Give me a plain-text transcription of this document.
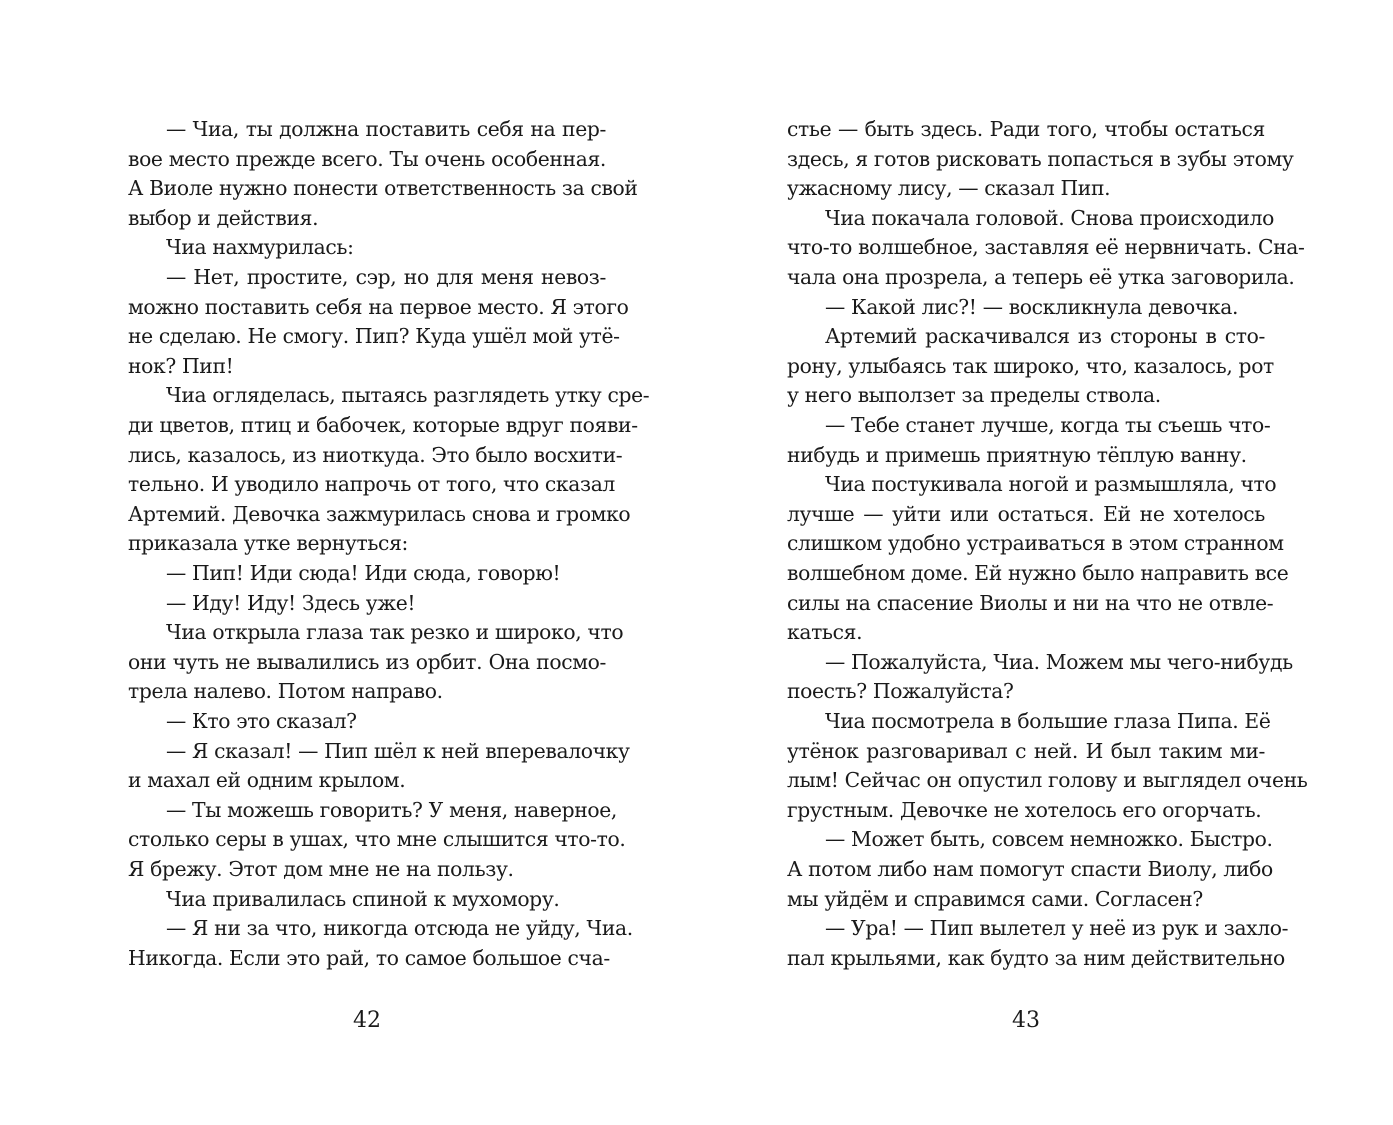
— Чиа, ты должна поставить себя на пер-
вое место прежде всего. Ты очень особенная.
А Виоле нужно понести ответственность за свой
выбор и действия.
Чиа нахмурилась:
— Нет, простите, сэр, но для меня невоз-
можно поставить себя на первое место. Я этого
не сделаю. Не смогу. Пип? Куда ушёл мой утё-
нок? Пип!
Чиа огляделась, пытаясь разглядеть утку сре-
ди цветов, птиц и бабочек, которые вдруг появи-
лись, казалось, из ниоткуда. Это было восхити-
тельно. И уводило напрочь от того, что сказал
Артемий. Девочка зажмурилась снова и громко
приказала утке вернуться:
— Пип! Иди сюда! Иди сюда, говорю!
— Иду! Иду! Здесь уже!
Чиа открыла глаза так резко и широко, что
они чуть не вывалились из орбит. Она посмо-
трела налево. Потом направо.
— Кто это сказал?
— Я сказал! — Пип шёл к ней вперевалочку
и махал ей одним крылом.
— Ты можешь говорить? У меня, наверное,
столько серы в ушах, что мне слышится что-то.
Я брежу. Этот дом мне не на пользу.
Чиа привалилась спиной к мухомору.
— Я ни за что, никогда отсюда не уйду, Чиа.
Никогда. Если это рай, то самое большое сча-
стье — быть здесь. Ради того, чтобы остаться
здесь, я готов рисковать попасться в зубы этому
ужасному лису, — сказал Пип.
Чиа покачала головой. Снова происходило
что-то волшебное, заставляя её нервничать. Сна-
чала она прозрела, а теперь её утка заговорила.
— Какой лис?! — воскликнула девочка.
Артемий раскачивался из стороны в сто-
рону, улыбаясь так широко, что, казалось, рот
у него выползет за пределы ствола.
— Тебе станет лучше, когда ты съешь что-
нибудь и примешь приятную тёплую ванну.
Чиа постукивала ногой и размышляла, что
лучше — уйти или остаться. Ей не хотелось
слишком удобно устраиваться в этом странном
волшебном доме. Ей нужно было направить все
силы на спасение Виолы и ни на что не отвле-
каться.
— Пожалуйста, Чиа. Можем мы чего-нибудь
поесть? Пожалуйста?
Чиа посмотрела в большие глаза Пипа. Её
утёнок разговаривал с ней. И был таким ми-
лым! Сейчас он опустил голову и выглядел очень
грустным. Девочке не хотелось его огорчать.
— Может быть, совсем немножко. Быстро.
А потом либо нам помогут спасти Виолу, либо
мы уйдём и справимся сами. Согласен?
— Ура! — Пип вылетел у неё из рук и захло-
пал крыльями, как будто за ним действительно
42	43
